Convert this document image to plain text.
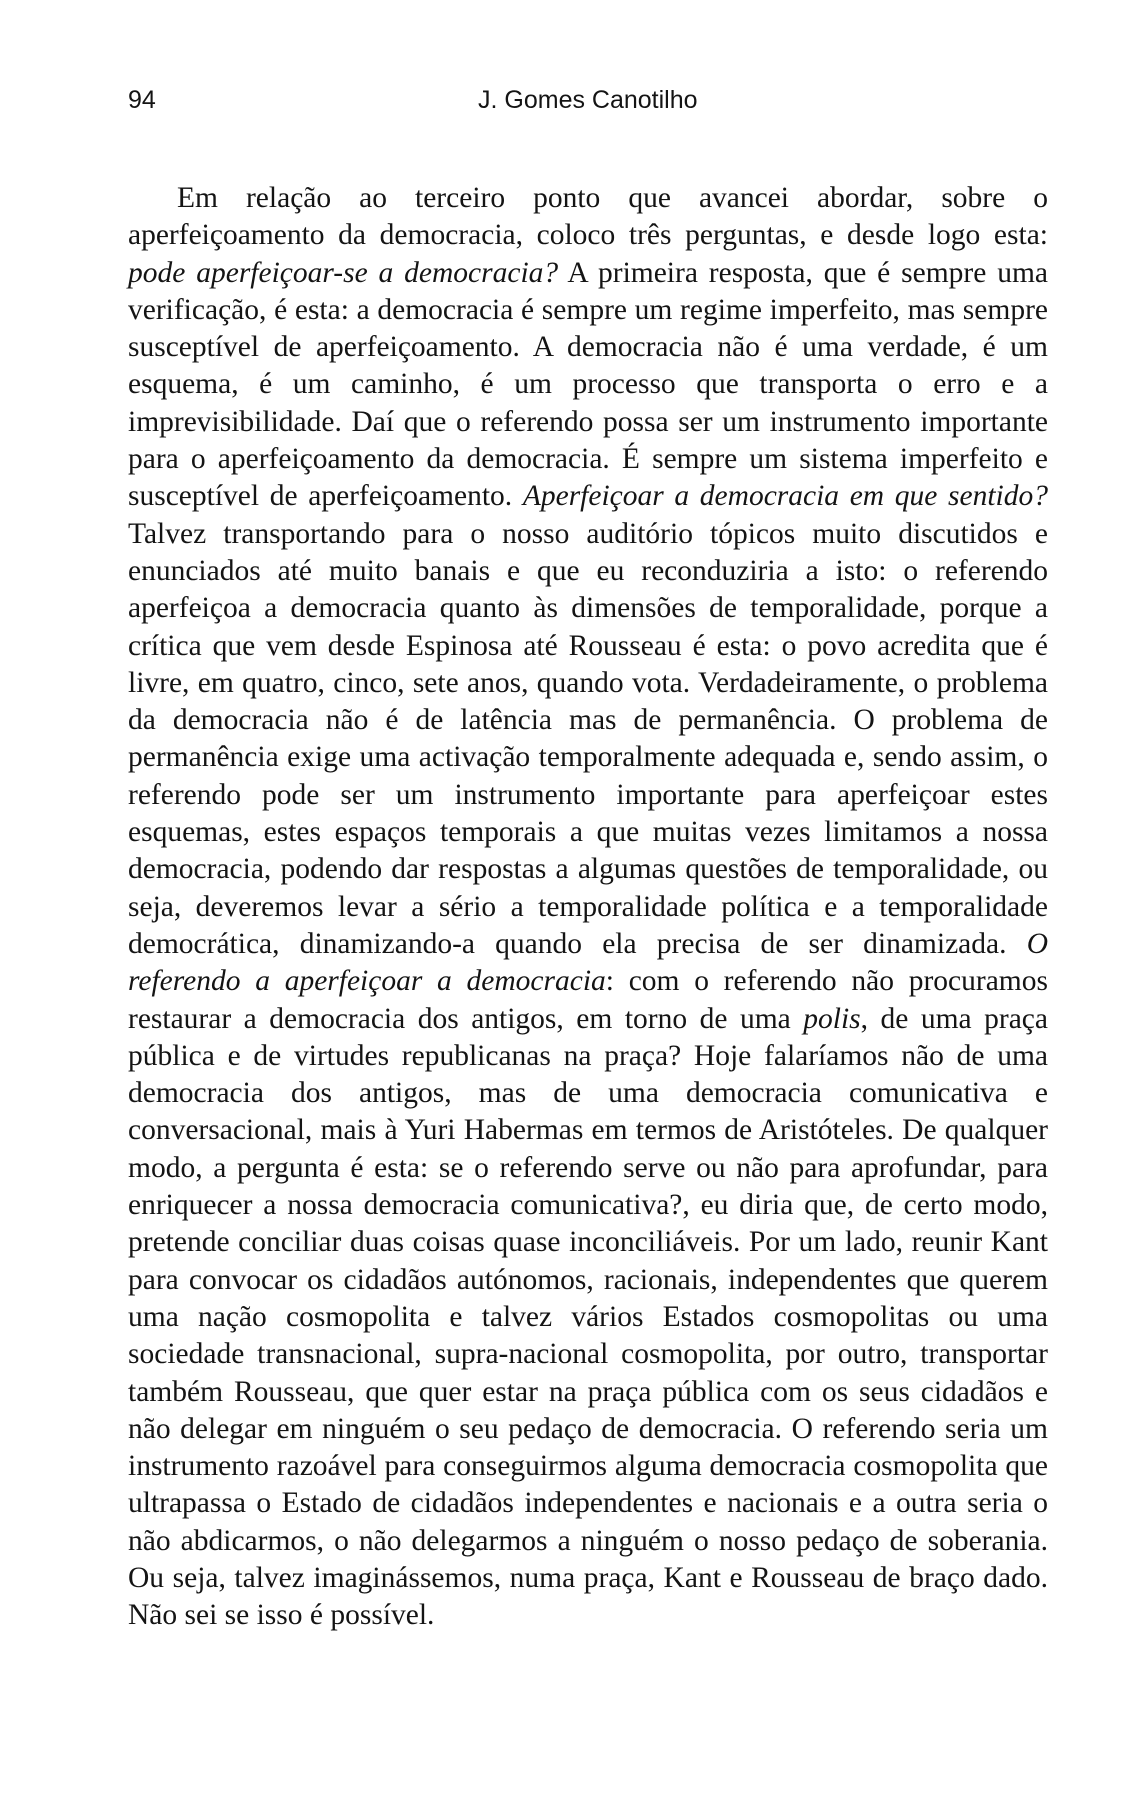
94	J. Gomes Canotilho

Em relação ao terceiro ponto que avancei abordar, sobre o aperfeiçoamento da democracia, coloco três perguntas, e desde logo esta: pode aperfeiçoar-se a democracia? A primeira resposta, que é sempre uma verificação, é esta: a democracia é sempre um regime imperfeito, mas sempre susceptível de aperfeiçoamento. A democracia não é uma verdade, é um esquema, é um caminho, é um processo que transporta o erro e a imprevisibilidade. Daí que o referendo possa ser um instrumento importante para o aperfeiçoamento da democracia. É sempre um sistema imperfeito e susceptível de aperfeiçoamento. Aperfeiçoar a democracia em que sentido? Talvez transportando para o nosso auditório tópicos muito discutidos e enunciados até muito banais e que eu reconduziria a isto: o referendo aperfeiçoa a democracia quanto às dimensões de temporalidade, porque a crítica que vem desde Espinosa até Rousseau é esta: o povo acredita que é livre, em quatro, cinco, sete anos, quando vota. Verdadeiramente, o problema da democracia não é de latência mas de permanência. O problema de permanência exige uma activação temporalmente adequada e, sendo assim, o referendo pode ser um instrumento importante para aperfeiçoar estes esquemas, estes espaços temporais a que muitas vezes limitamos a nossa democracia, podendo dar respostas a algumas questões de temporalidade, ou seja, deveremos levar a sério a temporalidade política e a temporalidade democrática, dinamizando-a quando ela precisa de ser dinamizada. O referendo a aperfeiçoar a democracia: com o referendo não procuramos restaurar a democracia dos antigos, em torno de uma polis, de uma praça pública e de virtudes republicanas na praça? Hoje falaríamos não de uma democracia dos antigos, mas de uma democracia comunicativa e conversacional, mais à Yuri Habermas em termos de Aristóteles. De qualquer modo, a pergunta é esta: se o referendo serve ou não para aprofundar, para enriquecer a nossa democracia comunicativa?, eu diria que, de certo modo, pretende conciliar duas coisas quase inconciliáveis. Por um lado, reunir Kant para convocar os cidadãos autónomos, racionais, independentes que querem uma nação cosmopolita e talvez vários Estados cosmopolitas ou uma sociedade transnacional, supra-nacional cosmopolita, por outro, transportar também Rousseau, que quer estar na praça pública com os seus cidadãos e não delegar em ninguém o seu pedaço de democracia. O referendo seria um instrumento razoável para conseguirmos alguma democracia cosmopolita que ultrapassa o Estado de cidadãos independentes e nacionais e a outra seria o não abdicarmos, o não delegarmos a ninguém o nosso pedaço de soberania. Ou seja, talvez imaginássemos, numa praça, Kant e Rousseau de braço dado. Não sei se isso é possível.
